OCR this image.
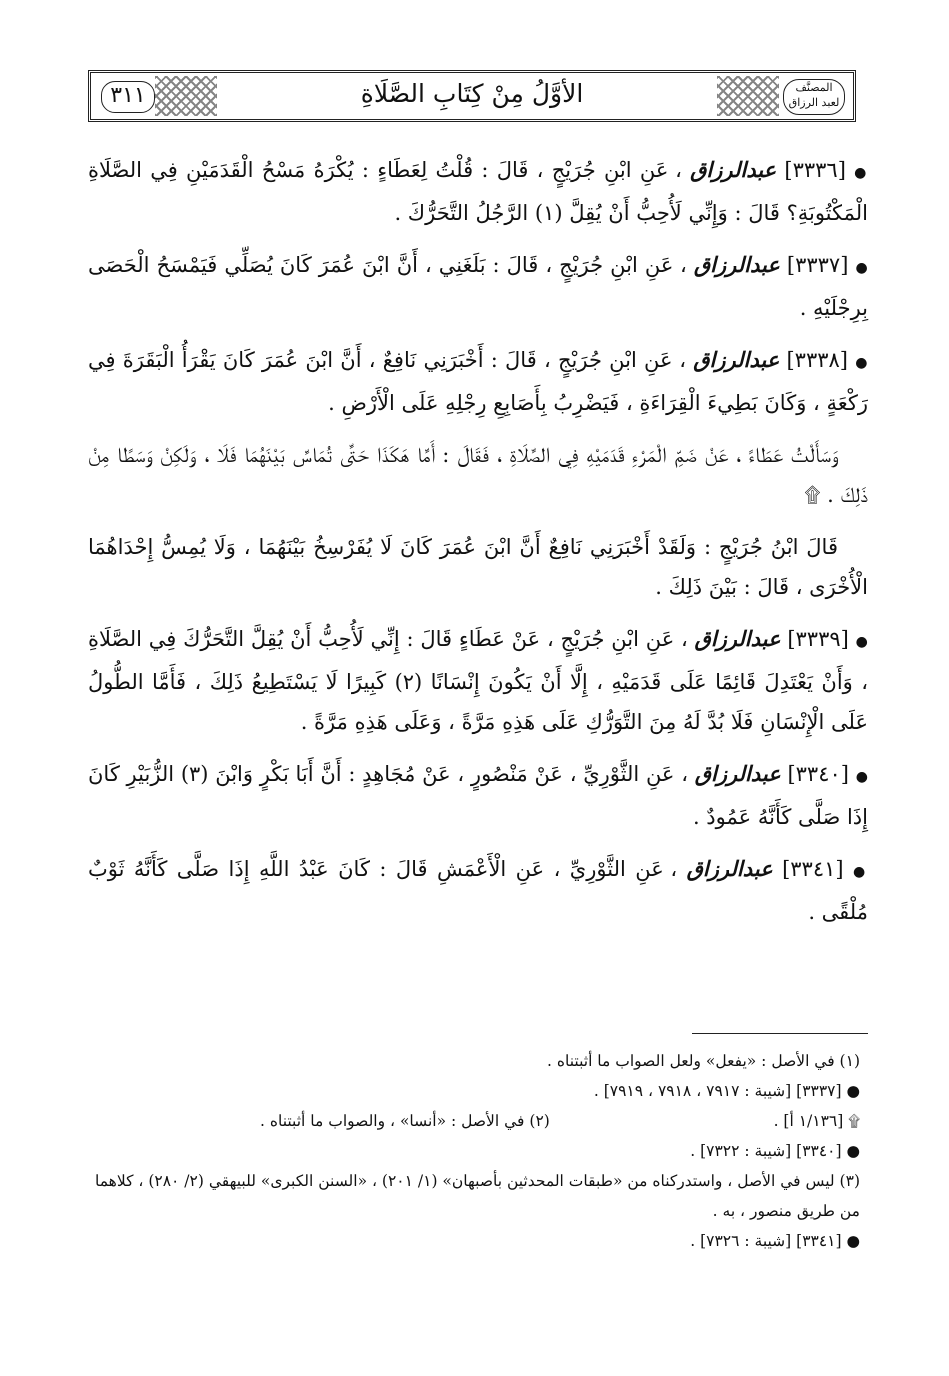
المصنَّف
لعبد الرزاق
الأوَّلُ مِنْ كِتَابِ الصَّلَاةِ
٣١١

● [٣٣٣٦] عبدالرزاق ، عَنِ ابْنِ جُرَيْجٍ ، قَالَ : قُلْتُ لِعَطَاءٍ : يُكْرَهُ مَسْحُ الْقَدَمَيْنِ فِي الصَّلَاةِ الْمَكْتُوبَةِ؟ قَالَ : وَإِنِّي لَأُحِبُّ أَنْ يُقِلَّ (١) الرَّجُلُ التَّحَرُّكَ .

● [٣٣٣٧] عبدالرزاق ، عَنِ ابْنِ جُرَيْجٍ ، قَالَ : بَلَغَنِي ، أَنَّ ابْنَ عُمَرَ كَانَ يُصَلِّي فَيَمْسَحُ الْحَصَى بِرِجْلَيْهِ .

● [٣٣٣٨] عبدالرزاق ، عَنِ ابْنِ جُرَيْجٍ ، قَالَ : أَخْبَرَنِي نَافِعٌ ، أَنَّ ابْنَ عُمَرَ كَانَ يَقْرَأُ الْبَقَرَةَ فِي رَكْعَةٍ ، وَكَانَ بَطِيءَ الْقِرَاءَةِ ، فَيَضْرِبُ بِأَصَابِعِ رِجْلِهِ عَلَى الْأَرْضِ .

وَسَأَلْتُ عَطَاءً ، عَنْ ضَمِّ الْمَرْءِ قَدَمَيْهِ فِي الصَّلَاةِ ، فَقَالَ : أَمَّا هَكَذَا حَتَّى تُمَاسَّ بَيْنَهُمَا فَلَا ، وَلَكِنْ وَسَطًا مِنْ ذَلِكَ . ۩

قَالَ ابْنُ جُرَيْجٍ : وَلَقَدْ أَخْبَرَنِي نَافِعٌ أَنَّ ابْنَ عُمَرَ كَانَ لَا يُفَرْسِخُ بَيْنَهُمَا ، وَلَا يُمِسُّ إِحْدَاهُمَا الْأُخْرَى ، قَالَ : بَيْنَ ذَلِكَ .

● [٣٣٣٩] عبدالرزاق ، عَنِ ابْنِ جُرَيْجٍ ، عَنْ عَطَاءٍ قَالَ : إِنِّي لَأُحِبُّ أَنْ يُقِلَّ التَّحَرُّكَ فِي الصَّلَاةِ ، وَأَنْ يَعْتَدِلَ قَائِمًا عَلَى قَدَمَيْهِ ، إِلَّا أَنْ يَكُونَ إِنْسَانًا (٢) كَبِيرًا لَا يَسْتَطِيعُ ذَلِكَ ، فَأَمَّا الطُّولُ عَلَى الْإِنْسَانِ فَلَا بُدَّ لَهُ مِنَ التَّوَرُّكِ عَلَى هَذِهِ مَرَّةً ، وَعَلَى هَذِهِ مَرَّةً .

● [٣٣٤٠] عبدالرزاق ، عَنِ الثَّوْرِيِّ ، عَنْ مَنْصُورٍ ، عَنْ مُجَاهِدٍ : أَنَّ أَبَا بَكْرٍ وَابْنَ (٣) الزُّبَيْرِ كَانَ إِذَا صَلَّى كَأَنَّهُ عَمُودٌ .

● [٣٣٤١] عبدالرزاق ، عَنِ الثَّوْرِيِّ ، عَنِ الْأَعْمَشِ قَالَ : كَانَ عَبْدُ اللَّهِ إِذَا صَلَّى كَأَنَّهُ ثَوْبٌ مُلْقًى .

(١) في الأصل : «يفعل» ولعل الصواب ما أثبتناه .

● [٣٣٣٧] [شيبة : ٧٩١٧ ، ٧٩١٨ ، ٧٩١٩] .

۩ [١/١٣٦ أ] .
(٢) في الأصل : «أنسا» ، والصواب ما أثبتناه .

● [٣٣٤٠] [شيبة : ٧٣٢٢] .

(٣) ليس في الأصل ، واستدركناه من «طبقات المحدثين بأصبهان» (١/ ٢٠١) ، «السنن الكبرى» للبيهقي (٢/ ٢٨٠) ، كلاهما من طريق منصور ، به .

● [٣٣٤١] [شيبة : ٧٣٢٦] .
